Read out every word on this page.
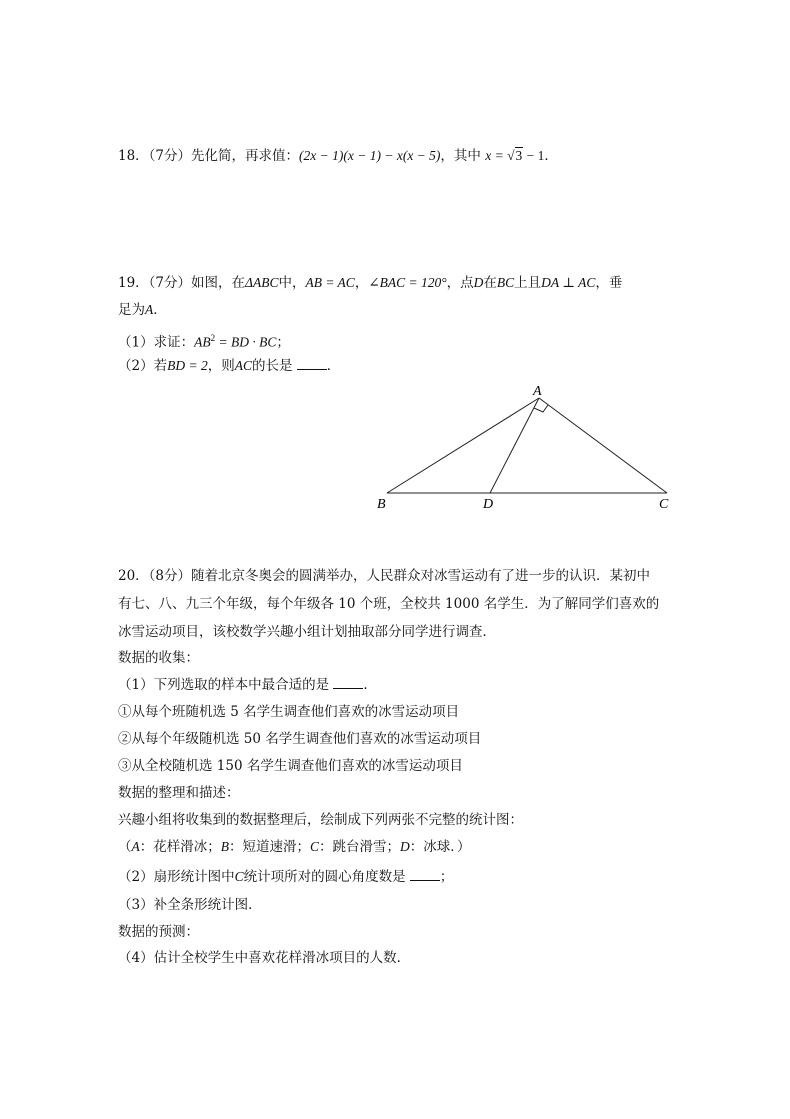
18．（7分）先化简，再求值：(2x − 1)(x − 1) − x(x − 5)，其中 x = √3 − 1．
19．（7分）如图，在ΔABC中，AB = AC，∠BAC = 120°，点D在BC上且DA ⊥ AC，垂
足为A．
（1）求证：$AB^2$ = BD · BC；
（2）若BD = 2，则AC的长是	．
A
B	D	C
20．（8分）随着北京冬奥会的圆满举办，人民群众对冰雪运动有了进一步的认识．某初中
有七、八、九三个年级，每个年级各 10 个班，全校共 1000 名学生．为了解同学们喜欢的
冰雪运动项目，该校数学兴趣小组计划抽取部分同学进行调查．
数据的收集：
（1）下列选取的样本中最合适的是	．
①从每个班随机选 5 名学生调查他们喜欢的冰雪运动项目
②从每个年级随机选 50 名学生调查他们喜欢的冰雪运动项目
③从全校随机选 150 名学生调查他们喜欢的冰雪运动项目
数据的整理和描述：
兴趣小组将收集到的数据整理后，绘制成下列两张不完整的统计图：
（A：花样滑冰；B：短道速滑；C：跳台滑雪；D：冰球．）
（2）扇形统计图中C统计项所对的圆心角度数是	；
（3）补全条形统计图．
数据的预测：
（4）估计全校学生中喜欢花样滑冰项目的人数．
